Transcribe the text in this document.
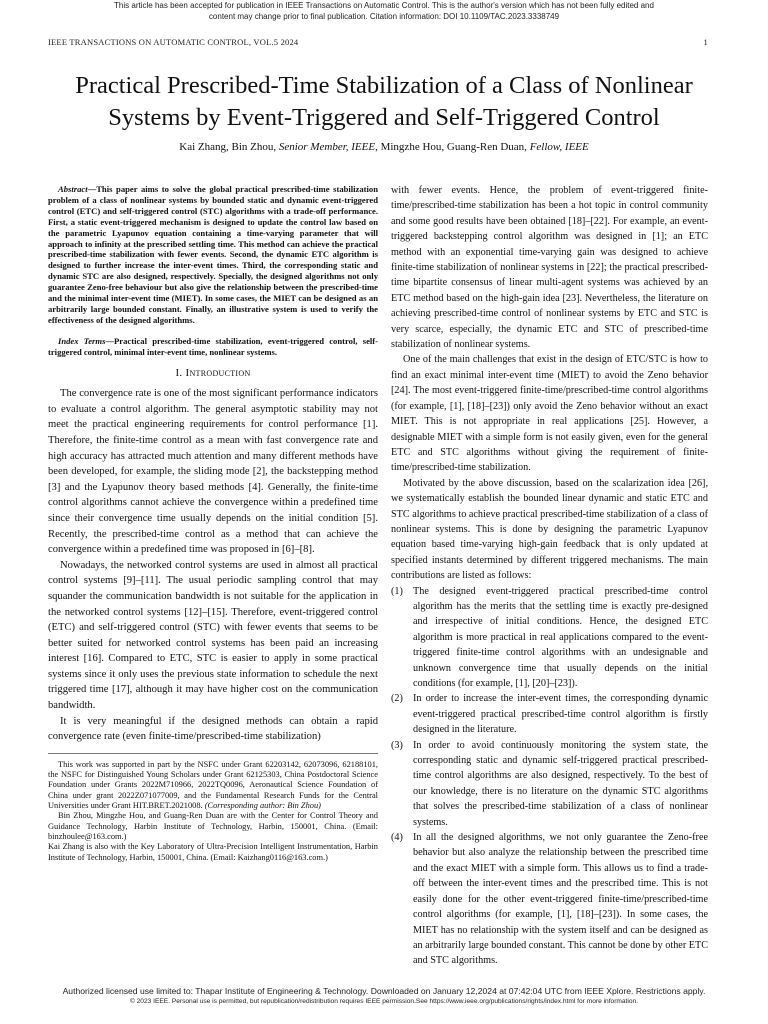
This article has been accepted for publication in IEEE Transactions on Automatic Control. This is the author's version which has not been fully edited and
content may change prior to final publication. Citation information: DOI 10.1109/TAC.2023.3338749
IEEE TRANSACTIONS ON AUTOMATIC CONTROL, VOL.5 2024	1
Practical Prescribed-Time Stabilization of a Class of Nonlinear
Systems by Event-Triggered and Self-Triggered Control
Kai Zhang, Bin Zhou, Senior Member, IEEE, Mingzhe Hou, Guang-Ren Duan, Fellow, IEEE

Abstract—This paper aims to solve the global practical prescribed-time stabilization problem of a class of nonlinear systems by bounded static and dynamic event-triggered control (ETC) and self-triggered control (STC) algorithms with a trade-off performance. First, a static event-triggered mechanism is designed to update the control law based on the parametric Lyapunov equation containing a time-varying parameter that will approach to infinity at the prescribed settling time. This method can achieve the practical prescribed-time stabilization with fewer events. Second, the dynamic ETC algorithm is designed to further increase the inter-event times. Third, the corresponding static and dynamic STC are also designed, respectively. Specially, the designed algorithms not only guarantee Zeno-free behaviour but also give the relationship between the prescribed-time and the minimal inter-event time (MIET). In some cases, the MIET can be designed as an arbitrarily large bounded constant. Finally, an illustrative system is used to verify the effectiveness of the designed algorithms.

Index Terms—Practical prescribed-time stabilization, event-triggered control, self-triggered control, minimal inter-event time, nonlinear systems.

I. Introduction

The convergence rate is one of the most significant performance indicators to evaluate a control algorithm. The general asymptotic stability may not meet the practical engineering requirements for control performance [1]. Therefore, the finite-time control as a mean with fast convergence rate and high accuracy has attracted much attention and many different methods have been developed, for example, the sliding mode [2], the backstepping method [3] and the Lyapunov theory based methods [4]. Generally, the finite-time control algorithms cannot achieve the convergence within a predefined time since their convergence time usually depends on the initial condition [5]. Recently, the prescribed-time control as a method that can achieve the convergence within a predefined time was proposed in [6]–[8].

Nowadays, the networked control systems are used in almost all practical control systems [9]–[11]. The usual periodic sampling control that may squander the communication bandwidth is not suitable for the application in the networked control systems [12]–[15]. Therefore, event-triggered control (ETC) and self-triggered control (STC) with fewer events that seems to be better suited for networked control systems has been paid an increasing interest [16]. Compared to ETC, STC is easier to apply in some practical systems since it only uses the previous state information to schedule the next triggered time [17], although it may have higher cost on the communication bandwidth.

It is very meaningful if the designed methods can obtain a rapid convergence rate (even finite-time/prescribed-time stabilization)

This work was supported in part by the NSFC under Grant 62203142, 62073096, 62188101, the NSFC for Distinguished Young Scholars under Grant 62125303, China Postdoctoral Science Foundation under Grants 2022M710966, 2022TQ0096, Aeronautical Science Foundation of China under grant 2022Z071077009, and the Fundamental Research Funds for the Central Universities under Grant HIT.BRET.2021008. (Corresponding author: Bin Zhou)

Bin Zhou, Mingzhe Hou, and Guang-Ren Duan are with the Center for Control Theory and Guidance Technology, Harbin Institute of Technology, Harbin, 150001, China. (Email: binzhoulee@163.com.)

Kai Zhang is also with the Key Laboratory of Ultra-Precision Intelligent Instrumentation, Harbin Institute of Technology, Harbin, 150001, China. (Email: Kaizhang0116@163.com.)

with fewer events. Hence, the problem of event-triggered finite-time/prescribed-time stabilization has been a hot topic in control community and some good results have been obtained [18]–[22]. For example, an event-triggered backstepping control algorithm was designed in [1]; an ETC method with an exponential time-varying gain was designed to achieve finite-time stabilization of nonlinear systems in [22]; the practical prescribed-time bipartite consensus of linear multi-agent systems was achieved by an ETC method based on the high-gain idea [23]. Nevertheless, the literature on achieving prescribed-time control of nonlinear systems by ETC and STC is very scarce, especially, the dynamic ETC and STC of prescribed-time stabilization of nonlinear systems.

One of the main challenges that exist in the design of ETC/STC is how to find an exact minimal inter-event time (MIET) to avoid the Zeno behavior [24]. The most event-triggered finite-time/prescribed-time control algorithms (for example, [1], [18]–[23]) only avoid the Zeno behavior without an exact MIET. This is not appropriate in real applications [25]. However, a designable MIET with a simple form is not easily given, even for the general ETC and STC algorithms without giving the requirement of finite-time/prescribed-time stabilization.

Motivated by the above discussion, based on the scalarization idea [26], we systematically establish the bounded linear dynamic and static ETC and STC algorithms to achieve practical prescribed-time stabilization of a class of nonlinear systems. This is done by designing the parametric Lyapunov equation based time-varying high-gain feedback that is only updated at specified instants determined by different triggered mechanisms. The main contributions are listed as follows:

(1) The designed event-triggered practical prescribed-time control algorithm has the merits that the settling time is exactly pre-designed and irrespective of initial conditions. Hence, the designed ETC algorithm is more practical in real applications compared to the event-triggered finite-time control algorithms with an undesignable and unknown convergence time that usually depends on the initial conditions (for example, [1], [20]–[23]).
(2) In order to increase the inter-event times, the corresponding dynamic event-triggered practical prescribed-time control algorithm is firstly designed in the literature.
(3) In order to avoid continuously monitoring the system state, the corresponding static and dynamic self-triggered practical prescribed-time control algorithms are also designed, respectively. To the best of our knowledge, there is no literature on the dynamic STC algorithms that solves the prescribed-time stabilization of a class of nonlinear systems.
(4) In all the designed algorithms, we not only guarantee the Zeno-free behavior but also analyze the relationship between the prescribed time and the exact MIET with a simple form. This allows us to find a trade-off between the inter-event times and the prescribed time. This is not easily done for the other event-triggered finite-time/prescribed-time control algorithms (for example, [1], [18]–[23]). In some cases, the MIET has no relationship with the system itself and can be designed as an arbitrarily large bounded constant. This cannot be done by other ETC and STC algorithms.
Authorized licensed use limited to: Thapar Institute of Engineering & Technology. Downloaded on January 12,2024 at 07:42:04 UTC from IEEE Xplore. Restrictions apply.
© 2023 IEEE. Personal use is permitted, but republication/redistribution requires IEEE permission.See https://www.ieee.org/publications/rights/index.html for more information.
